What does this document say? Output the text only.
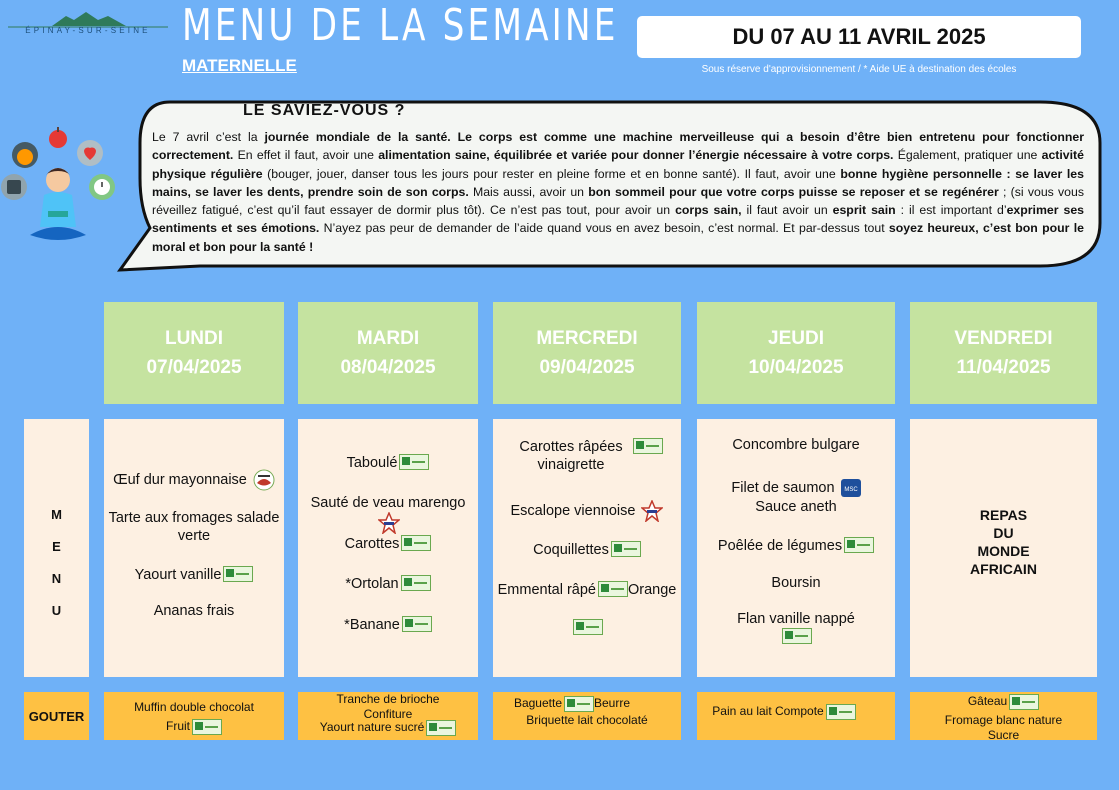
ÉPINAY-SUR-SEINE MENU DE LA SEMAINE
MATERNELLE
DU 07 AU 11 AVRIL 2025
Sous réserve d'approvisionnement / * Aide UE à destination des écoles
LE SAVIEZ-VOUS ?
Le 7 avril c’est la journée mondiale de la santé. Le corps est comme une machine merveilleuse qui a besoin d’être bien entretenu pour fonctionner correctement. En effet il faut, avoir une alimentation saine, équilibrée et variée pour donner l’énergie nécessaire à votre corps. Également, pratiquer une activité physique régulière (bouger, jouer, danser tous les jours pour rester en pleine forme et en bonne santé). Il faut, avoir une bonne hygiène personnelle : se laver les mains, se laver les dents, prendre soin de son corps. Mais aussi, avoir un bon sommeil pour que votre corps puisse se reposer et se regénérer ; (si vous vous réveillez fatigué, c’est qu’il faut essayer de dormir plus tôt). Ce n’est pas tout, pour avoir un corps sain, il faut avoir un esprit sain : il est important d’exprimer ses sentiments et ses émotions. N’ayez pas peur de demander de l’aide quand vous en avez besoin, c’est normal. Et par-dessus tout soyez heureux, c’est bon pour le moral et bon pour la santé !
LUNDI
07/04/2025
MARDI
08/04/2025
MERCREDI
09/04/2025
JEUDI
10/04/2025
VENDREDI
11/04/2025
M
E
N
U
Œuf dur mayonnaise
Tarte aux fromages salade verte
Yaourt vanille
Ananas frais
Taboulé
Sauté de veau marengo
Carottes
*Ortolan
*Banane
Carottes râpées vinaigrette
Escalope viennoise
Coquillettes
Emmental râpé Orange
Concombre bulgare
Filet de saumon MSC
Sauce aneth
Poêlée de légumes
Boursin
Flan vanille nappé
REPAS
DU
MONDE
AFRICAIN
GOUTER
Muffin double chocolat
Fruit
Tranche de brioche
Confiture
Yaourt nature sucré
Baguette	Beurre
Briquette lait chocolaté
Pain au lait Compote
Gâteau
Fromage blanc nature
Sucre
